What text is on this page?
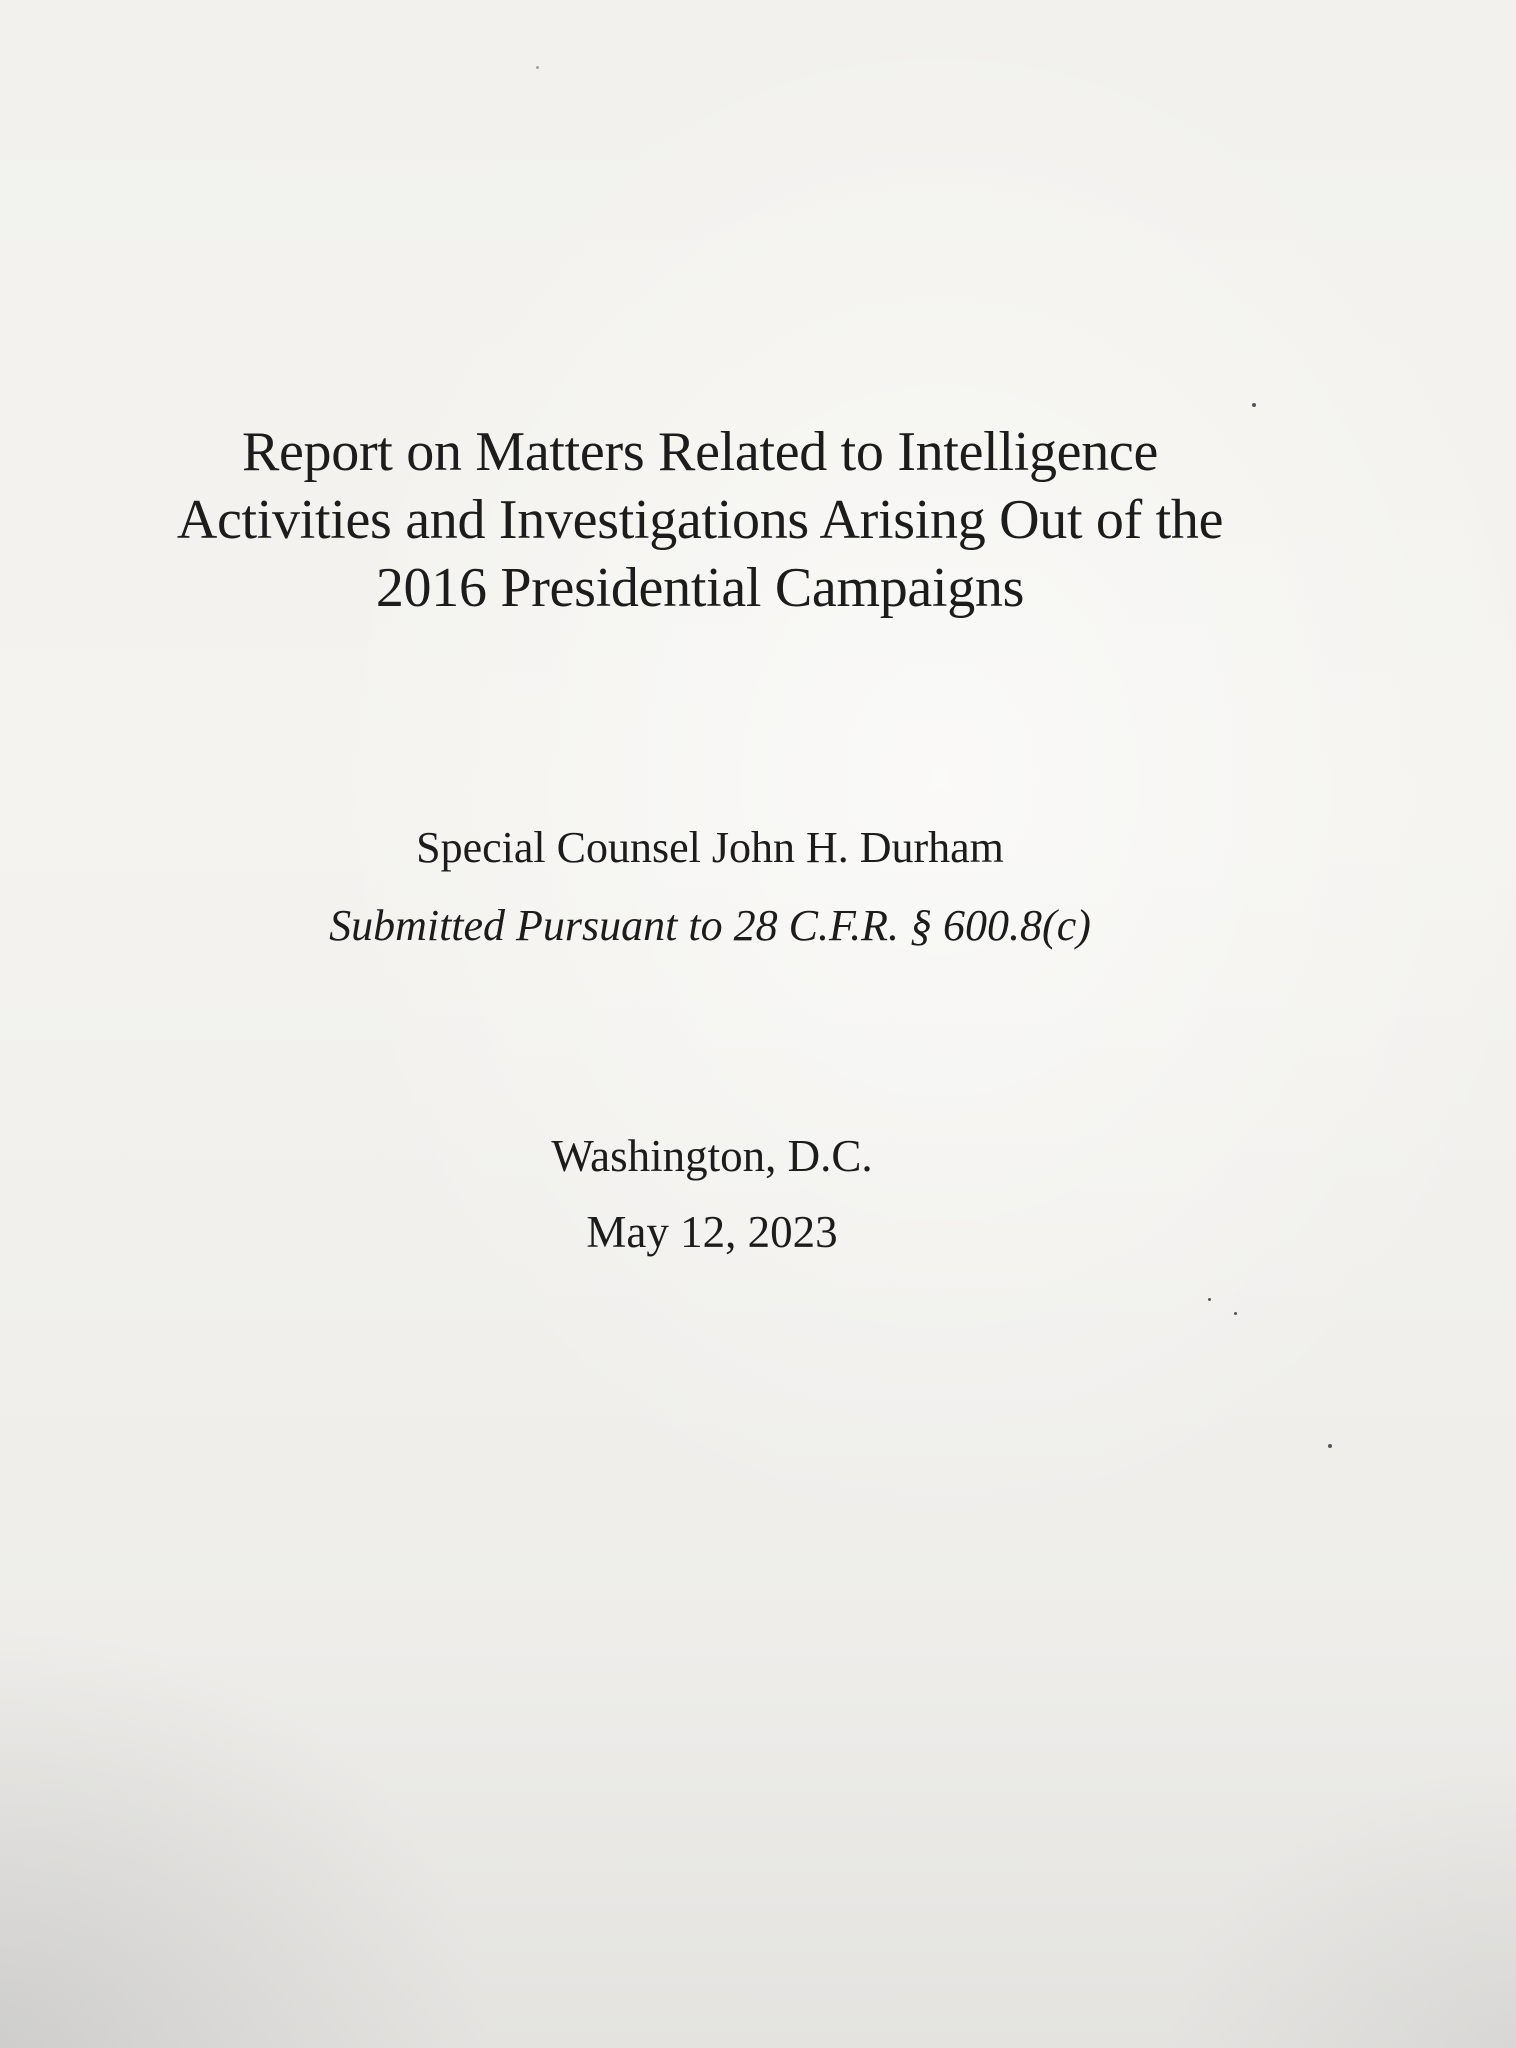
Report on Matters Related to Intelligence
Activities and Investigations Arising Out of the
2016 Presidential Campaigns
Special Counsel John H. Durham
Submitted Pursuant to 28 C.F.R. § 600.8(c)
Washington, D.C.
May 12, 2023
